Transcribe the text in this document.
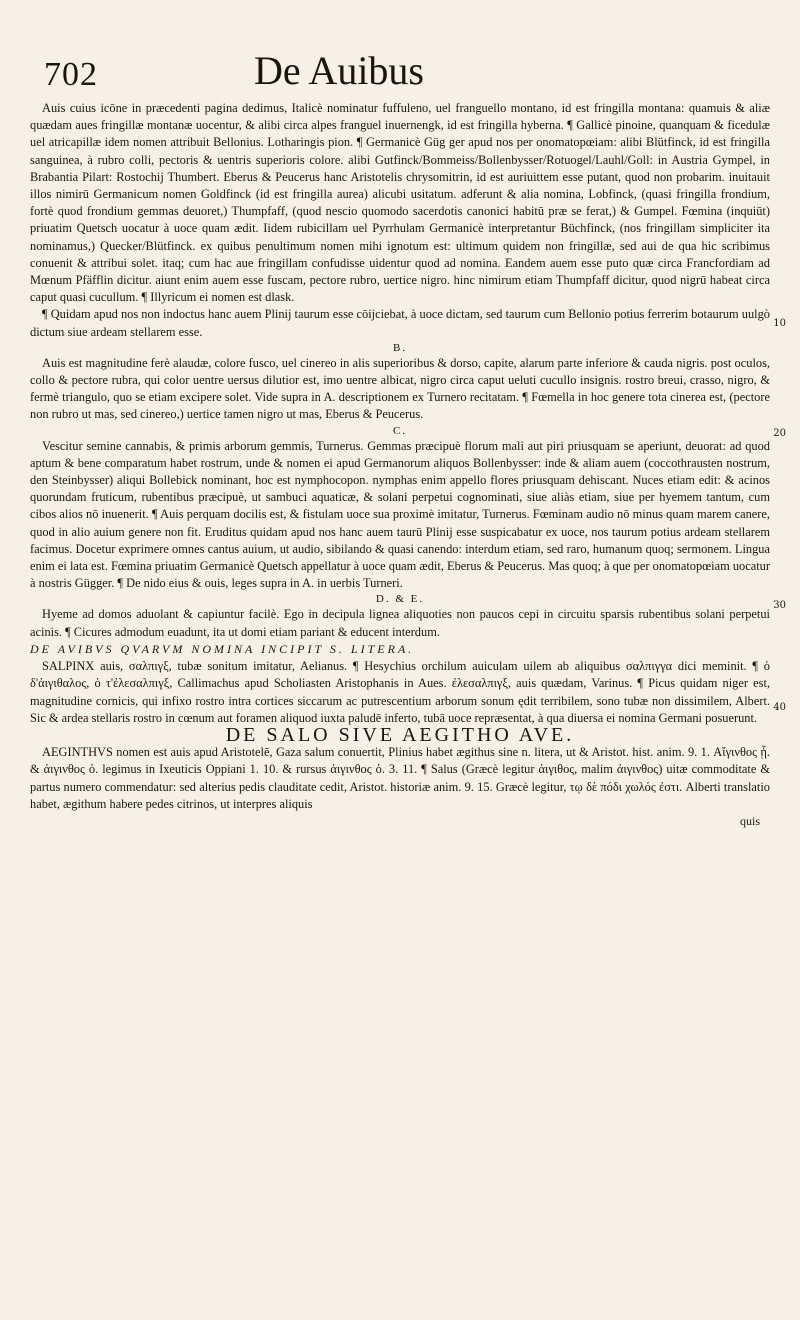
702	De Auibus

Auis cuius icōne in præcedenti pagina dedimus, Italicè nominatur fuffuleno, uel franguello montano, id est fringilla montana: quamuis & aliæ quædam aues fringillæ montanæ uocentur, & alibi circa alpes franguel inuernengk, id est fringilla hyberna. ¶ Gallicè pinoine, quanquam & ficedulæ uel atricapillæ idem nomen attribuit Bellonius. Lotharingis pion. ¶ Germanicè Güg ger apud nos per onomatopœiam: alibi Blütfinck, id est fringilla sanguinea, à rubro colli, pectoris & uentris superioris colore. alibi Gutfinck/Bommeiss/Bollenbysser/Rotuogel/Lauhl/Goll: in Austria Gympel, in Brabantia Pilart: Rostochij Thumbert. Eberus & Peucerus hanc Aristotelis chrysomitrin, id est auriuittem esse putant, quod non probarim. inuitauit illos nimirū Germanicum nomen Goldfinck (id est fringilla aurea) alicubi usitatum. adferunt & alia nomina, Lobfinck, (quasi fringilla frondium, fortè quod frondium gemmas deuoret,) Thumpfaff, (quod nescio quomodo sacerdotis canonici habitū præ se ferat,) & Gumpel. Fœmina (inquiūt) priuatim Quetsch uocatur à uoce quam ædit. Iidem rubicillam uel Pyrrhulam Germanicè interpretantur Büchfinck, (nos fringillam simpliciter ita nominamus,) Quecker/Blütfinck. ex quibus penultimum nomen mihi ignotum est: ultimum quidem non fringillæ, sed aui de qua hic scribimus conuenit & attribui solet. itaq; cum hac aue fringillam confudisse uidentur quod ad nomina. Eandem auem esse puto quæ circa Francfordiam ad Mœnum Pfäfflin dicitur. aiunt enim auem esse fuscam, pectore rubro, uertice nigro. hinc nimirum etiam Thumpfaff dicitur, quod nigrū habeat circa caput quasi cucullum. ¶ Illyricum ei nomen est dlask.

¶ Quidam apud nos non indoctus hanc auem Plinij taurum esse cōijciebat, à uoce dictam, sed taurum cum Bellonio potius ferrerim botaurum uulgò dictum siue ardeam stellarem esse.

B.

Auis est magnitudine ferè alaudæ, colore fusco, uel cinereo in alis superioribus & dorso, capite, alarum parte inferiore & cauda nigris. post oculos, collo & pectore rubra, qui color uentre uersus dilutior est, imo uentre albicat, nigro circa caput ueluti cucullo insignis. rostro breui, crasso, nigro, & fermè triangulo, quo se etiam excipere solet. Vide supra in A. descriptionem ex Turnero recitatam. ¶ Fœmella in hoc genere tota cinerea est, (pectore non rubro ut mas, sed cinereo,) uertice tamen nigro ut mas, Eberus & Peucerus.

C.

Vescitur semine cannabis, & primis arborum gemmis, Turnerus. Gemmas præcipuè florum mali aut piri priusquam se aperiunt, deuorat: ad quod aptum & bene comparatum habet rostrum, unde & nomen ei apud Germanorum aliquos Bollenbysser: inde & aliam auem (coccothrausten nostrum, den Steinbysser) aliqui Bollebick nominant, hoc est nymphocopon. nymphas enim appello flores priusquam dehiscant. Nuces etiam edit: & acinos quorundam fruticum, rubentibus præcipuè, ut sambuci aquaticæ, & solani perpetui cognominati, siue aliàs etiam, siue per hyemem tantum, cum cibos alios nō inuenerit. ¶ Auis perquam docilis est, & fistulam uoce sua proximè imitatur, Turnerus. Fœminam audio nō minus quam marem canere, quod in alio auium genere non fit. Eruditus quidam apud nos hanc auem taurū Plinij esse suspicabatur ex uoce, nos taurum potius ardeam stellarem facimus. Docetur exprimere omnes cantus auium, ut audio, sibilando & quasi canendo: interdum etiam, sed raro, humanum quoq; sermonem. Lingua enim ei lata est. Fœmina priuatim Germanicè Quetsch appellatur à uoce quam ædit, Eberus & Peucerus. Mas quoq; à que per onomatopœiam uocatur à nostris Gügger. ¶ De nido eius & ouis, leges supra in A. in uerbis Turneri.

D. & E.

Hyeme ad domos aduolant & capiuntur facilè. Ego in decipula lignea aliquoties non paucos cepi in circuitu sparsis rubentibus solani perpetui acinis. ¶ Cicures admodum euadunt, ita ut domi etiam pariant & educent interdum.

DE AVIBVS QVARVM NOMINA INCIPIT S. LITERA.

SALPINX auis, σαλπιγξ, tubæ sonitum imitatur, Aelianus. ¶ Hesychius orchilum auiculam uilem ab aliquibus σαλπιγγα dici meminit. ¶ ὁ δ'ἀιγιθαλος, ὁ τ'ἐλεσαλπιγξ, Callimachus apud Scholiasten Aristophanis in Aues. ἐλεσαλπιγξ, auis quædam, Varinus. ¶ Picus quidam niger est, magnitudine cornicis, qui infixo rostro intra cortices siccarum ac putrescentium arborum sonum ędit terribilem, sono tubæ non dissimilem, Albert. Sic & ardea stellaris rostro in cœnum aut foramen aliquod iuxta paludē inferto, tubā uoce repræsentat, à qua diuersa ei nomina Germani posuerunt.

DE SALO SIVE AEGITHO AVE.

AEGINTHVS nomen est auis apud Aristotelē, Gaza salum conuertit, Plinius habet ægithus sine n. litera, ut & Aristot. hist. anim. 9. 1. Αἴγινθος ᾗ. & ἀιγινθος ὁ. legimus in Ixeuticis Oppiani 1. 10. & rursus ἀιγινθος ὁ. 3. 11. ¶ Salus (Græcè legitur ἀιγιθος, malim ἀιγινθος) uitæ commoditate & partus numero commendatur: sed alterius pedis clauditate cedit, Aristot. historiæ anim. 9. 15. Græcè legitur, τῳ δὲ πόδι χωλός ἐστι. Alberti translatio habet, ægithum habere pedes citrinos, ut interpres aliquis

quis

10
20
30
40
